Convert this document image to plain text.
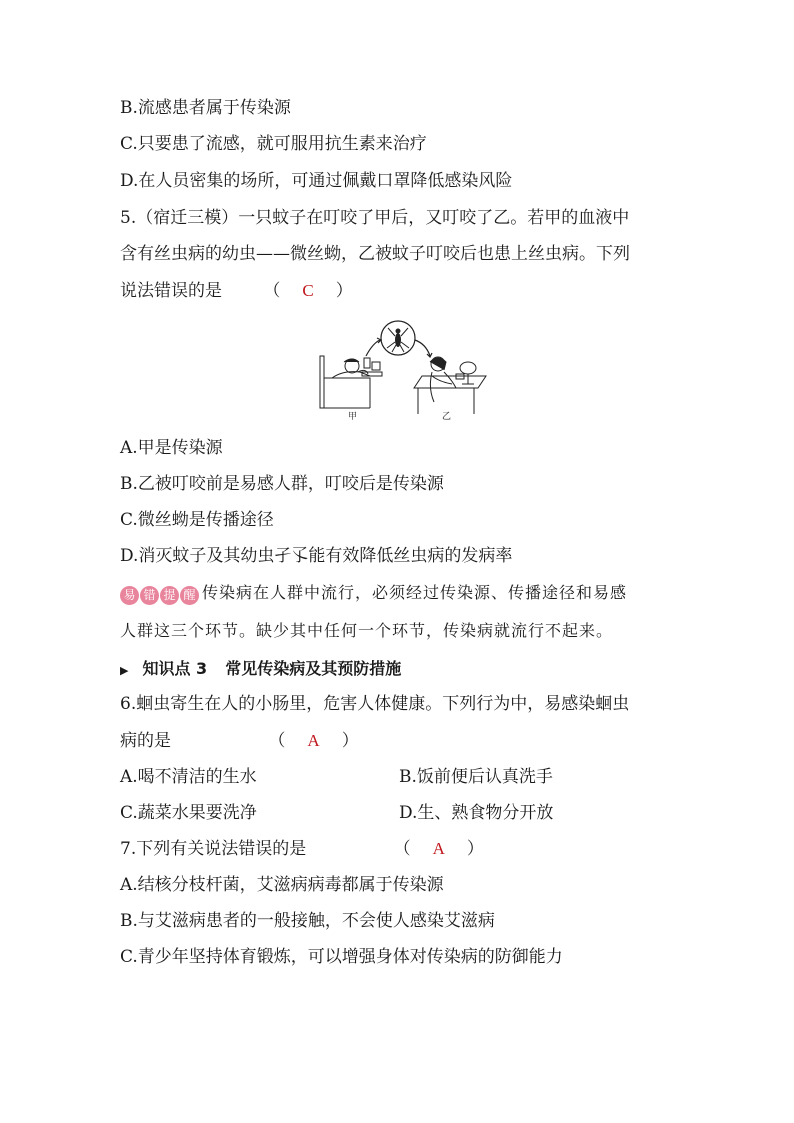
B.流感患者属于传染源
C.只要患了流感，就可服用抗生素来治疗
D.在人员密集的场所，可通过佩戴口罩降低感染风险
5.（宿迁三模）一只蚊子在叮咬了甲后，又叮咬了乙。若甲的血液中
含有丝虫病的幼虫——微丝蚴，乙被蚊子叮咬后也患上丝虫病。下列
说法错误的是 （ C ）
甲	乙
A.甲是传染源
B.乙被叮咬前是易感人群，叮咬后是传染源
C.微丝蚴是传播途径
D.消灭蚊子及其幼虫孑孓能有效降低丝虫病的发病率
易 错 提 醒 传染病在人群中流行，必须经过传染源、传播途径和易感
人群这三个环节。缺少其中任何一个环节，传染病就流行不起来。
▶ 知识点 3 常见传染病及其预防措施
6.蛔虫寄生在人的小肠里，危害人体健康。下列行为中，易感染蛔虫
病的是	（ A ）
A.喝不清洁的生水	B.饭前便后认真洗手
C.蔬菜水果要洗净	D.生、熟食物分开放
7.下列有关说法错误的是	（ A ）
A.结核分枝杆菌，艾滋病病毒都属于传染源
B.与艾滋病患者的一般接触，不会使人感染艾滋病
C.青少年坚持体育锻炼，可以增强身体对传染病的防御能力
